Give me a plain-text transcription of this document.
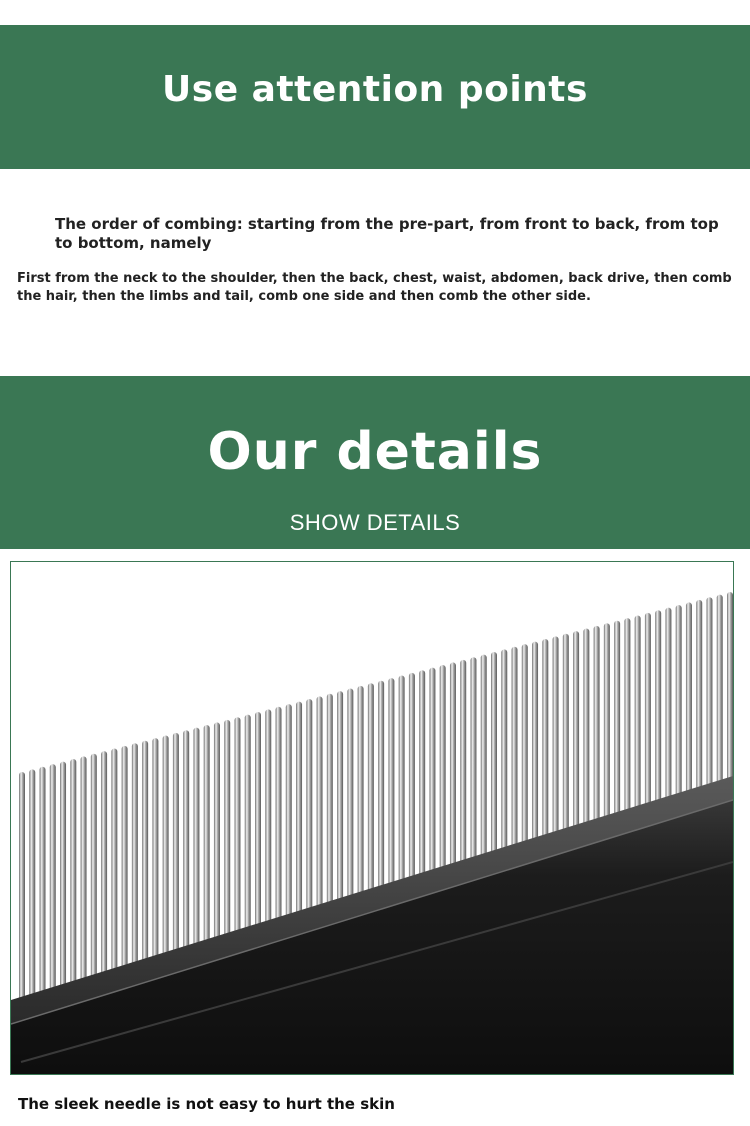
Use attention points
The order of combing: starting from the pre-part, from front to back, from top to bottom, namely
First from the neck to the shoulder, then the back, chest, waist, abdomen, back drive, then comb the hair, then the limbs and tail, comb one side and then comb the other side.
Our details
SHOW DETAILS
The sleek needle is not easy to hurt the skin
